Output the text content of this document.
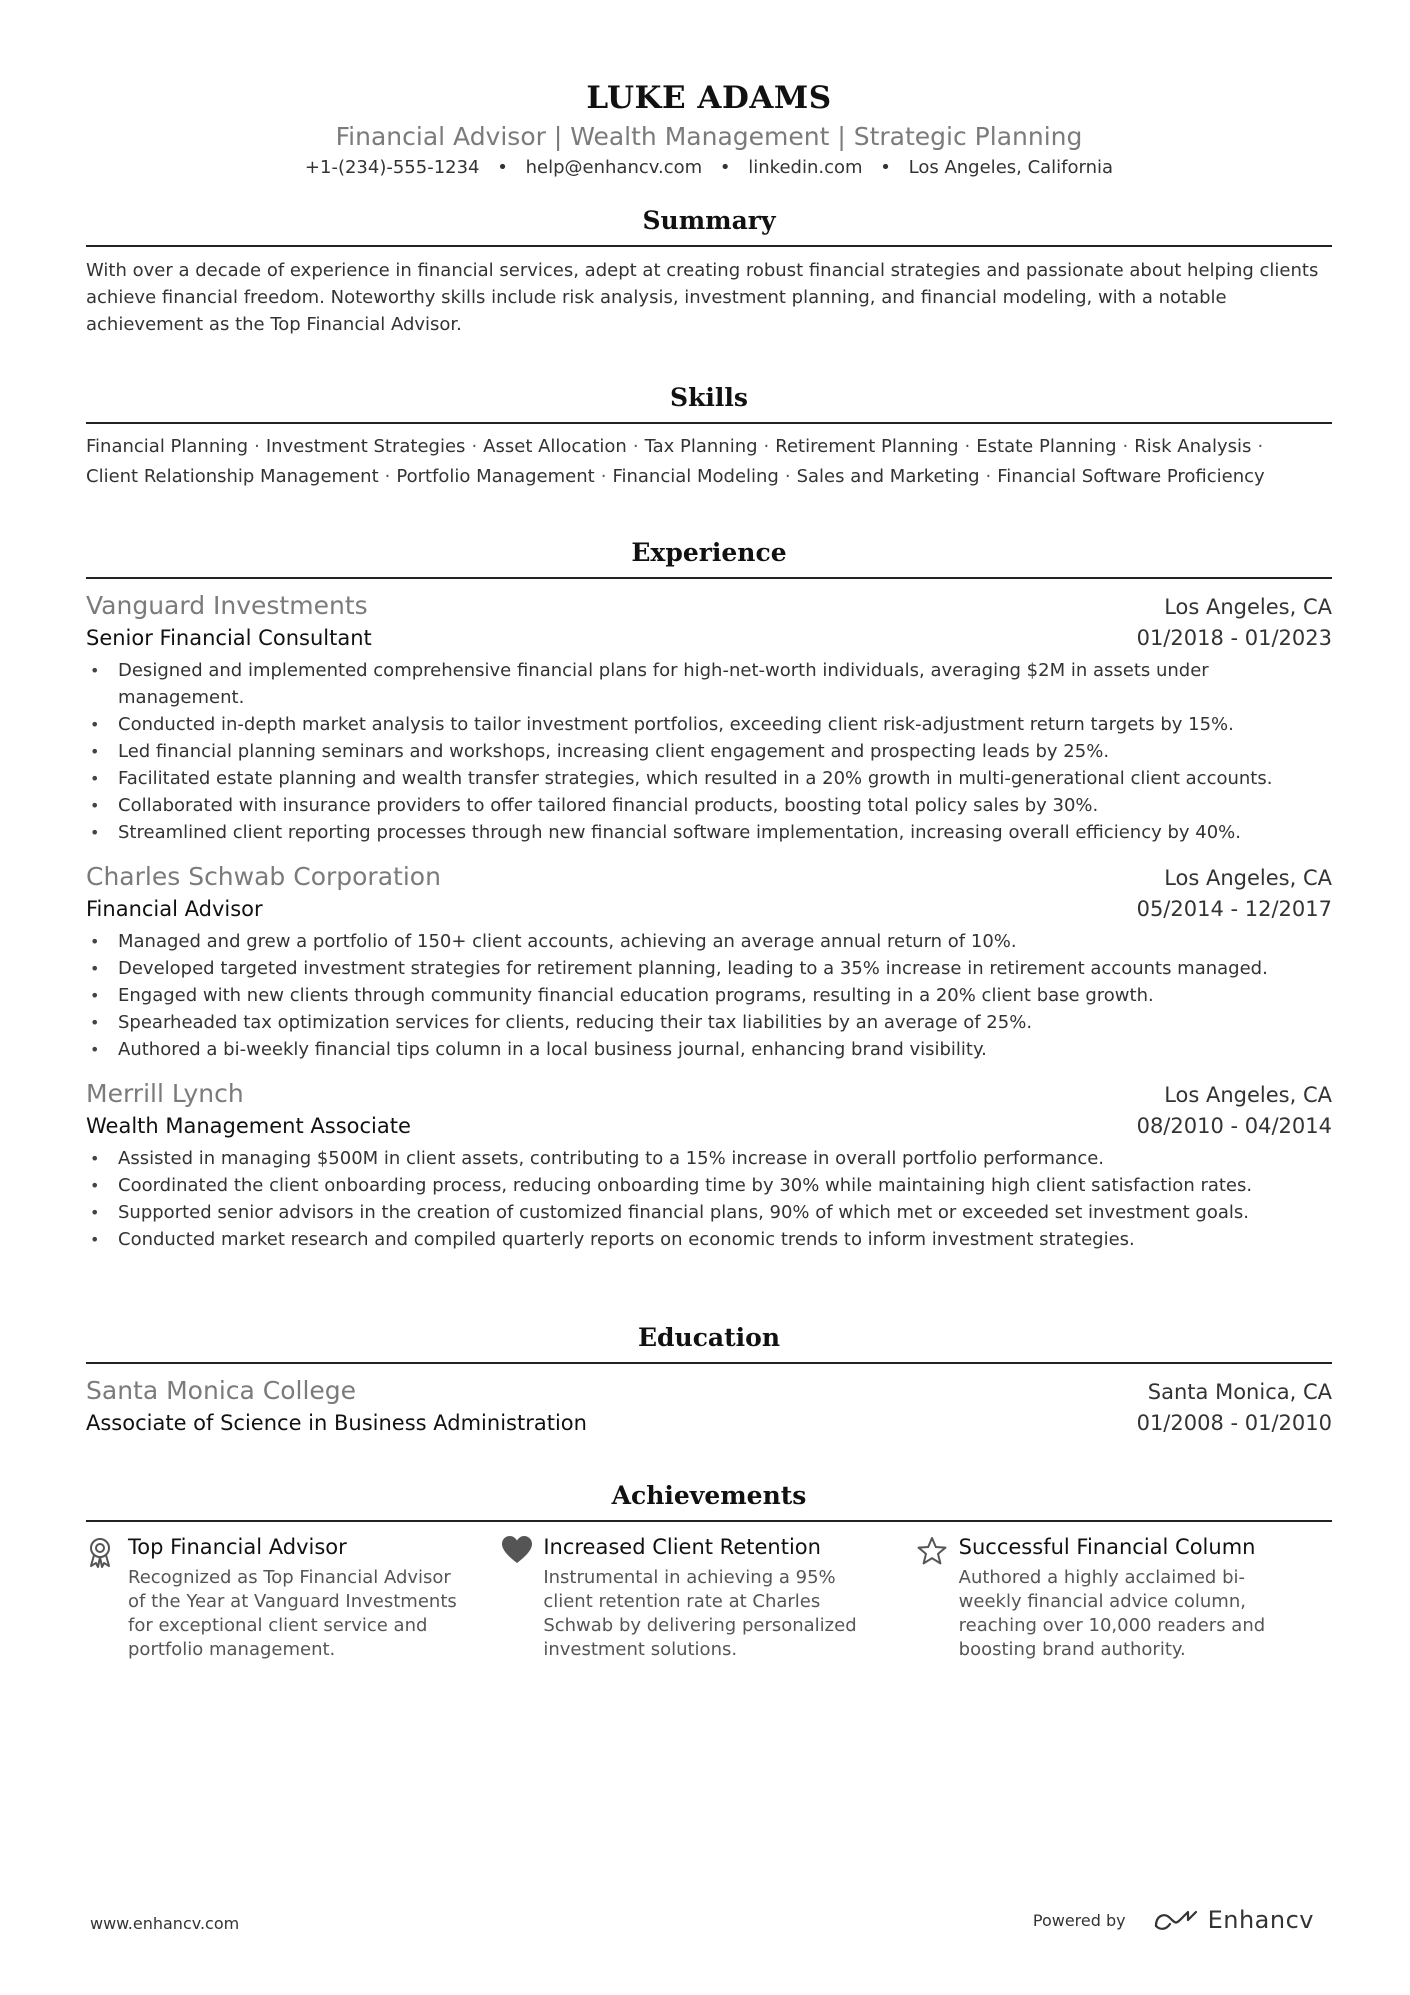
LUKE ADAMS
Financial Advisor | Wealth Management | Strategic Planning
+1-(234)-555-1234 • help@enhancv.com • linkedin.com • Los Angeles, California
Summary
With over a decade of experience in financial services, adept at creating robust financial strategies and passionate about helping clients achieve financial freedom. Noteworthy skills include risk analysis, investment planning, and financial modeling, with a notable achievement as the Top Financial Advisor.
Skills
Financial Planning · Investment Strategies · Asset Allocation · Tax Planning · Retirement Planning · Estate Planning · Risk Analysis ·
Client Relationship Management · Portfolio Management · Financial Modeling · Sales and Marketing · Financial Software Proficiency
Experience
Vanguard Investments	Los Angeles, CA
Senior Financial Consultant	01/2018 - 01/2023
• Designed and implemented comprehensive financial plans for high-net-worth individuals, averaging $2M in assets under management.
• Conducted in-depth market analysis to tailor investment portfolios, exceeding client risk-adjustment return targets by 15%.
• Led financial planning seminars and workshops, increasing client engagement and prospecting leads by 25%.
• Facilitated estate planning and wealth transfer strategies, which resulted in a 20% growth in multi-generational client accounts.
• Collaborated with insurance providers to offer tailored financial products, boosting total policy sales by 30%.
• Streamlined client reporting processes through new financial software implementation, increasing overall efficiency by 40%.
Charles Schwab Corporation	Los Angeles, CA
Financial Advisor	05/2014 - 12/2017
• Managed and grew a portfolio of 150+ client accounts, achieving an average annual return of 10%.
• Developed targeted investment strategies for retirement planning, leading to a 35% increase in retirement accounts managed.
• Engaged with new clients through community financial education programs, resulting in a 20% client base growth.
• Spearheaded tax optimization services for clients, reducing their tax liabilities by an average of 25%.
• Authored a bi-weekly financial tips column in a local business journal, enhancing brand visibility.
Merrill Lynch	Los Angeles, CA
Wealth Management Associate	08/2010 - 04/2014
• Assisted in managing $500M in client assets, contributing to a 15% increase in overall portfolio performance.
• Coordinated the client onboarding process, reducing onboarding time by 30% while maintaining high client satisfaction rates.
• Supported senior advisors in the creation of customized financial plans, 90% of which met or exceeded set investment goals.
• Conducted market research and compiled quarterly reports on economic trends to inform investment strategies.
Education
Santa Monica College	Santa Monica, CA
Associate of Science in Business Administration	01/2008 - 01/2010
Achievements
Top Financial Advisor
Recognized as Top Financial Advisor of the Year at Vanguard Investments for exceptional client service and portfolio management.
Increased Client Retention
Instrumental in achieving a 95% client retention rate at Charles Schwab by delivering personalized investment solutions.
Successful Financial Column
Authored a highly acclaimed bi-weekly financial advice column, reaching over 10,000 readers and boosting brand authority.
www.enhancv.com	Powered by	Enhancv
